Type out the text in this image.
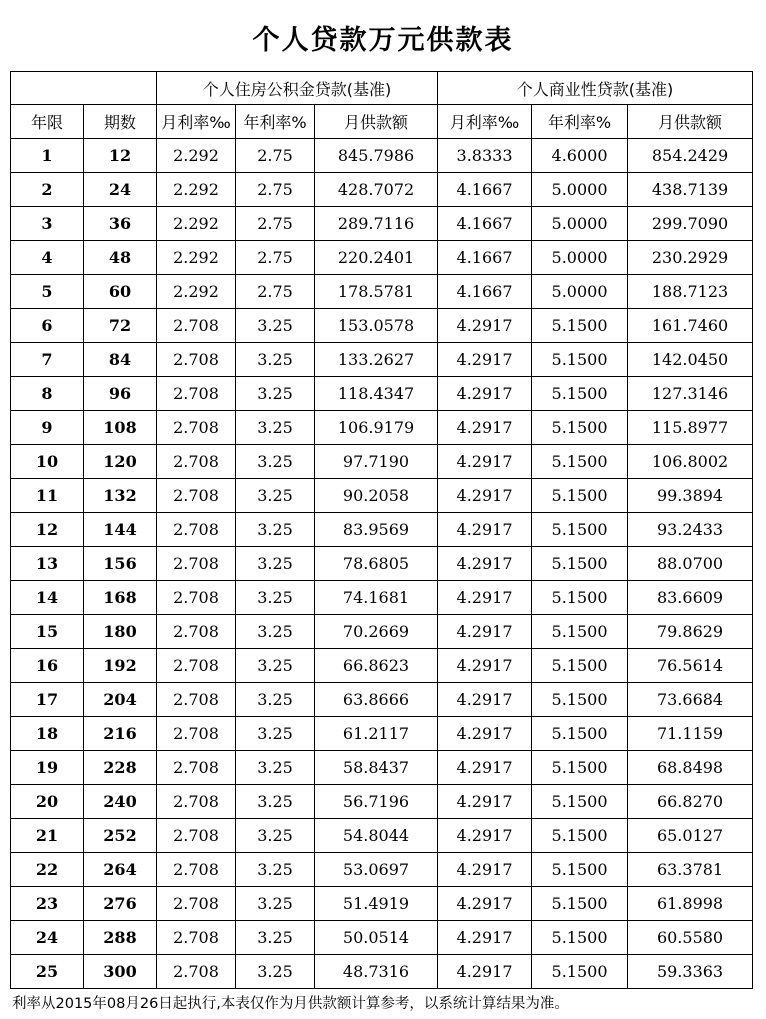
个人贷款万元供款表
		个人住房公积金贷款(基准)			个人商业性贷款(基准)		
年限	期数	月利率‰	年利率%	月供款额	月利率‰	年利率%	月供款额
1	12	2.292	2.75	845.7986	3.8333	4.6000	854.2429
2	24	2.292	2.75	428.7072	4.1667	5.0000	438.7139
3	36	2.292	2.75	289.7116	4.1667	5.0000	299.7090
4	48	2.292	2.75	220.2401	4.1667	5.0000	230.2929
5	60	2.292	2.75	178.5781	4.1667	5.0000	188.7123
6	72	2.708	3.25	153.0578	4.2917	5.1500	161.7460
7	84	2.708	3.25	133.2627	4.2917	5.1500	142.0450
8	96	2.708	3.25	118.4347	4.2917	5.1500	127.3146
9	108	2.708	3.25	106.9179	4.2917	5.1500	115.8977
10	120	2.708	3.25	97.7190	4.2917	5.1500	106.8002
11	132	2.708	3.25	90.2058	4.2917	5.1500	99.3894
12	144	2.708	3.25	83.9569	4.2917	5.1500	93.2433
13	156	2.708	3.25	78.6805	4.2917	5.1500	88.0700
14	168	2.708	3.25	74.1681	4.2917	5.1500	83.6609
15	180	2.708	3.25	70.2669	4.2917	5.1500	79.8629
16	192	2.708	3.25	66.8623	4.2917	5.1500	76.5614
17	204	2.708	3.25	63.8666	4.2917	5.1500	73.6684
18	216	2.708	3.25	61.2117	4.2917	5.1500	71.1159
19	228	2.708	3.25	58.8437	4.2917	5.1500	68.8498
20	240	2.708	3.25	56.7196	4.2917	5.1500	66.8270
21	252	2.708	3.25	54.8044	4.2917	5.1500	65.0127
22	264	2.708	3.25	53.0697	4.2917	5.1500	63.3781
23	276	2.708	3.25	51.4919	4.2917	5.1500	61.8998
24	288	2.708	3.25	50.0514	4.2917	5.1500	60.5580
25	300	2.708	3.25	48.7316	4.2917	5.1500	59.3363
利率从2015年08月26日起执行,本表仅作为月供款额计算参考，以系统计算结果为准。
